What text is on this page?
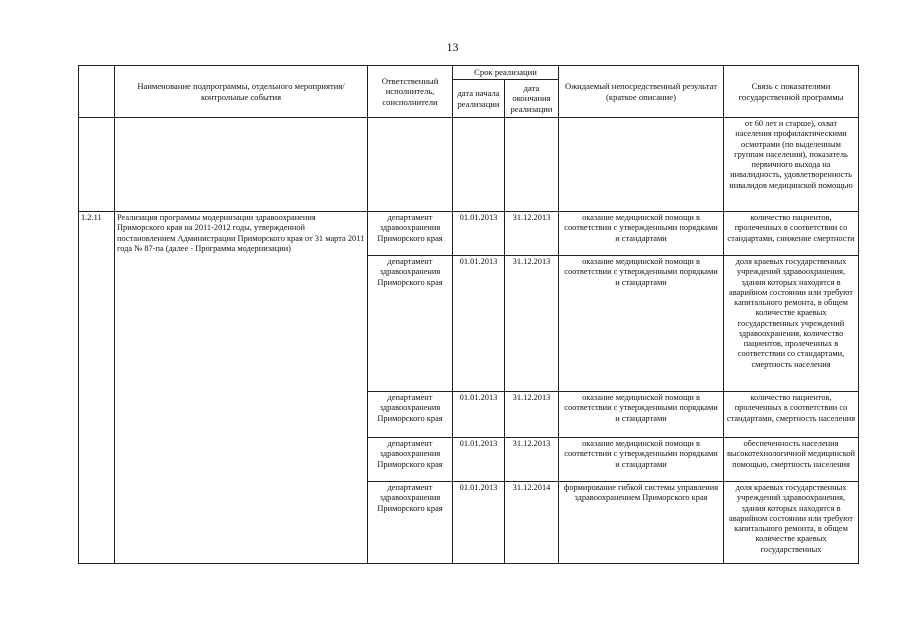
13
	Наименование подпрограммы, отдельного мероприятия/контрольные события	Ответственный исполнитель, соисполнители	Срок реализации		Ожидаемый непосредственный результат (краткое описание)	Связь с показателями государственной программы
			дата начала реализации	дата окончания реализации		
						от 60 лет и старше), охват населения профилактическими осмотрами (по выделенным группам населения), показатель первичного выхода на инвалидность, удовлетворенность инвалидов медицинской помощью
1.2.11	Реализация программы модернизации здравоохранения Приморского края на 2011-2012 годы, утвержденной постановлением Администрации Приморского края от 31 марта 2011 года № 87-па (далее - Программа модернизации)	департамент здравоохранения Приморского края	01.01.2013	31.12.2013	оказание медицинской помощи в соответствии с утвержденными порядками и стандартами	количество пациентов, пролеченных в соответствии со стандартами, снижение смертности
		департамент здравоохранения Приморского края	01.01.2013	31.12.2013	оказание медицинской помощи в соответствии с утвержденными порядками и стандартами	доля краевых государственных учреждений здравоохранения, здания которых находятся в аварийном состоянии или требуют капитального ремонта, в общем количестве краевых государственных учреждений здравоохранения, количество пациентов, пролеченных в соответствии со стандартами, смертность населения
		департамент здравоохранения Приморского края	01.01.2013	31.12.2013	оказание медицинской помощи в соответствии с утвержденными порядками и стандартами	количество пациентов, пролеченных в соответствии со стандартами, смертность населения
		департамент здравоохранения Приморского края	01.01.2013	31.12.2013	оказание медицинской помощи в соответствии с утвержденными порядками и стандартами	обеспеченность населения высокотехнологичной медицинской помощью, смертность населения
		департамент здравоохранения Приморского края	01.01.2013	31.12.2014	формирование гибкой системы управления здравоохранением Приморского края	доля краевых государственных учреждений здравоохранения, здания которых находятся в аварийном состоянии или требуют капитального ремонта, в общем количестве краевых государственных
